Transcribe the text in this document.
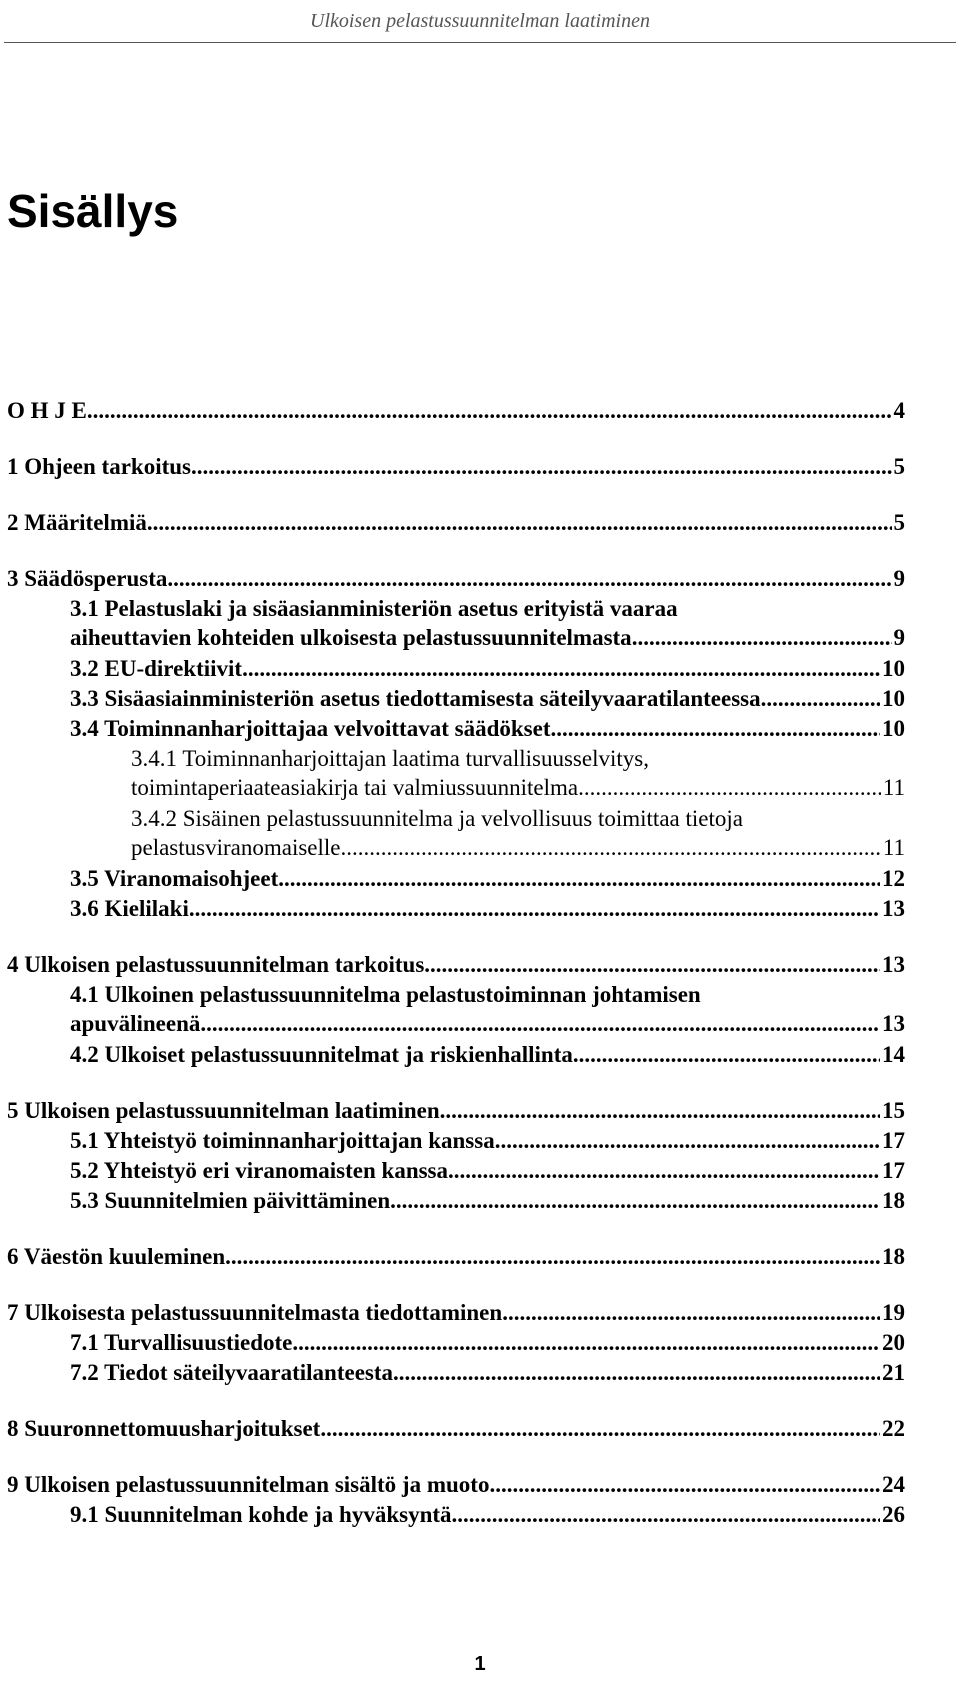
Ulkoisen pelastussuunnitelman laatiminen
Sisällys
O H J E .....	4
1 Ohjeen tarkoitus .....	5
2 Määritelmiä .....	5
3 Säädösperusta .....	9
3.1 Pelastuslaki ja sisäasianministeriön asetus erityistä vaaraa
aiheuttavien kohteiden ulkoisesta pelastussuunnitelmasta .....	9
3.2 EU-direktiivit .....	10
3.3 Sisäasiainministeriön asetus tiedottamisesta säteilyvaaratilanteessa .....	10
3.4 Toiminnanharjoittajaa velvoittavat säädökset .....	10
3.4.1 Toiminnanharjoittajan laatima turvallisuusselvitys,
toimintaperiaateasiakirja tai valmiussuunnitelma .....	11
3.4.2 Sisäinen pelastussuunnitelma ja velvollisuus toimittaa tietoja
pelastusviranomaiselle .....	11
3.5 Viranomaisohjeet .....	12
3.6 Kielilaki .....	13
4 Ulkoisen pelastussuunnitelman tarkoitus .....	13
4.1 Ulkoinen pelastussuunnitelma pelastustoiminnan johtamisen
apuvälineenä .....	13
4.2 Ulkoiset pelastussuunnitelmat ja riskienhallinta .....	14
5 Ulkoisen pelastussuunnitelman laatiminen .....	15
5.1 Yhteistyö toiminnanharjoittajan kanssa .....	17
5.2 Yhteistyö eri viranomaisten kanssa .....	17
5.3 Suunnitelmien päivittäminen .....	18
6 Väestön kuuleminen .....	18
7 Ulkoisesta pelastussuunnitelmasta tiedottaminen .....	19
7.1 Turvallisuustiedote .....	20
7.2 Tiedot säteilyvaaratilanteesta .....	21
8 Suuronnettomuusharjoitukset .....	22
9 Ulkoisen pelastussuunnitelman sisältö ja muoto .....	24
9.1 Suunnitelman kohde ja hyväksyntä .....	26
1
